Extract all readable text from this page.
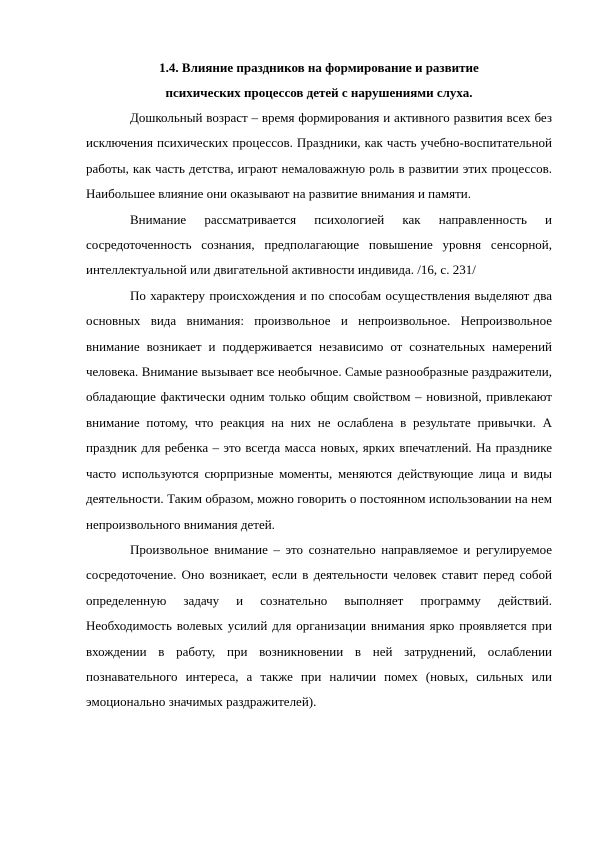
1.4. Влияние праздников на формирование и развитие

психических процессов детей с нарушениями слуха.

Дошкольный возраст – время формирования и активного развития всех без исключения психических процессов. Праздники, как часть учебно-воспитательной работы, как часть детства, играют немаловажную роль в развитии этих процессов. Наибольшее влияние они оказывают на развитие внимания и памяти.

Внимание рассматривается психологией как направленность и сосредоточенность сознания, предполагающие повышение уровня сенсорной, интеллектуальной или двигательной активности индивида. /16, с. 231/

По характеру происхождения и по способам осуществления выделяют два основных вида внимания: произвольное и непроизвольное. Непроизвольное внимание возникает и поддерживается независимо от сознательных намерений человека. Внимание вызывает все необычное. Самые разнообразные раздражители, обладающие фактически одним только общим свойством – новизной, привлекают внимание потому, что реакция на них не ослаблена в результате привычки. А праздник для ребенка – это всегда масса новых, ярких впечатлений. На празднике часто используются сюрпризные моменты, меняются действующие лица и виды деятельности. Таким образом, можно говорить о постоянном использовании на нем непроизвольного внимания детей.

Произвольное внимание – это сознательно направляемое и регулируемое сосредоточение. Оно возникает, если в деятельности человек ставит перед собой определенную задачу и сознательно выполняет программу действий. Необходимость волевых усилий для организации внимания ярко проявляется при вхождении в работу, при возникновении в ней затруднений, ослаблении познавательного интереса, а также при наличии помех (новых, сильных или эмоционально значимых раздражителей).
